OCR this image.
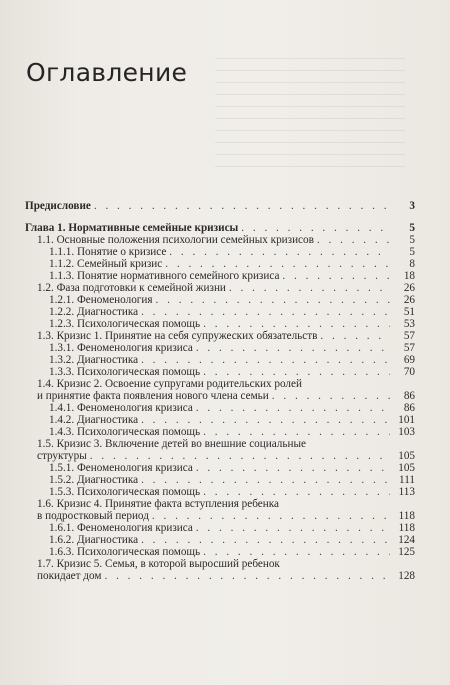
Оглавление
Предисловие . . .	3
Глава 1. Нормативные семейные кризисы . . .	5
1.1. Основные положения психологии семейных кризисов . . .	5
1.1.1. Понятие о кризисе . . .	5
1.1.2. Семейный кризис . . .	8
1.1.3. Понятие нормативного семейного кризиса . . .	18
1.2. Фаза подготовки к семейной жизни . . .	26
1.2.1. Феноменология . . .	26
1.2.2. Диагностика . . .	51
1.2.3. Психологическая помощь . . .	53
1.3. Кризис 1. Принятие на себя супружеских обязательств . . .	57
1.3.1. Феноменология кризиса . . .	57
1.3.2. Диагностика . . .	69
1.3.3. Психологическая помощь . . .	70
1.4. Кризис 2. Освоение супругами родительских ролей
и принятие факта появления нового члена семьи . . .	86
1.4.1. Феноменология кризиса . . .	86
1.4.2. Диагностика . . .	101
1.4.3. Психологическая помощь . . .	103
1.5. Кризис 3. Включение детей во внешние социальные
структуры . . .	105
1.5.1. Феноменология кризиса . . .	105
1.5.2. Диагностика . . .	111
1.5.3. Психологическая помощь . . .	113
1.6. Кризис 4. Принятие факта вступления ребенка
в подростковый период . . .	118
1.6.1. Феноменология кризиса . . .	118
1.6.2. Диагностика . . .	124
1.6.3. Психологическая помощь . . .	125
1.7. Кризис 5. Семья, в которой выросший ребенок
покидает дом . . .	128
